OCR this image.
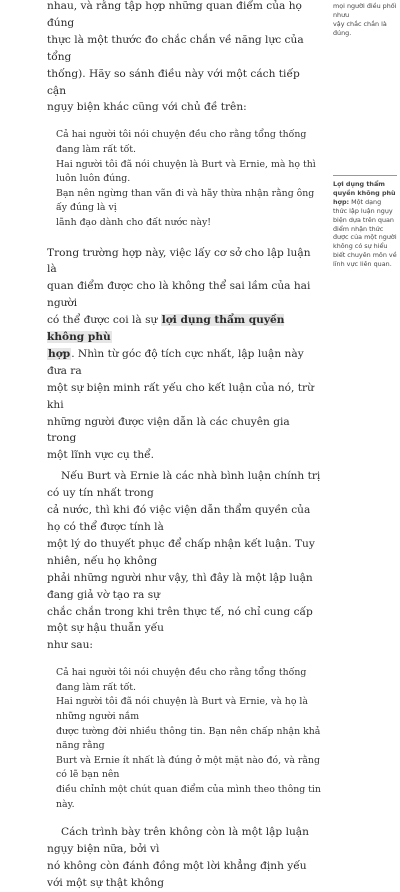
nhau, và rằng tập hợp những quan điểm của họ đúng
thực là một thước đo chắc chắn về năng lực của tổng
thống). Hãy so sánh điều này với một cách tiếp cận
ngụy biện khác cũng với chủ đề trên:

Cả hai người tôi nói chuyện đều cho rằng tổng thống đang làm rất tốt.
Hai người tôi đã nói chuyện là Burt và Ernie, mà họ thì luôn luôn đúng.
Bạn nên ngừng than vãn đi và hãy thừa nhận rằng ông ấy đúng là vị
lãnh đạo dành cho đất nước này!

Trong trường hợp này, việc lấy cơ sở cho lập luận là
quan điểm được cho là không thể sai lầm của hai người
có thể được coi là sự lợi dụng thẩm quyền không phù
hợp. Nhìn từ góc độ tích cực nhất, lập luận này đưa ra
một sự biện minh rất yếu cho kết luận của nó, trừ khi
những người được viện dẫn là các chuyên gia trong
một lĩnh vực cụ thể.

Nếu Burt và Ernie là các nhà bình luận chính trị có uy tín nhất trong
cả nước, thì khi đó việc viện dẫn thẩm quyền của họ có thể được tính là
một lý do thuyết phục để chấp nhận kết luận. Tuy nhiên, nếu họ không
phải những người như vậy, thì đây là một lập luận đang giả vờ tạo ra sự
chắc chắn trong khi trên thực tế, nó chỉ cung cấp một sự hậu thuẫn yếu
như sau:

Cả hai người tôi nói chuyện đều cho rằng tổng thống đang làm rất tốt.
Hai người tôi đã nói chuyện là Burt và Ernie, và họ là những người nắm
được tường đời nhiều thông tin. Bạn nên chấp nhận khả năng rằng
Burt và Ernie ít nhất là đúng ở một mặt nào đó, và rằng có lẽ bạn nên
điều chỉnh một chút quan điểm của mình theo thông tin này.

Cách trình bày trên không còn là một lập luận ngụy biện nữa, bởi vì
nó không còn đánh đồng một lời khẳng định yếu với một sự thật không

mọi người điều phối nhưu
vậy chắc chắn là đúng.
Lợi dụng thẩm quyền không phù hợp: Một dạng thức lập luận ngụy biện dựa trên quan điểm nhận thức được của một người không có sự hiểu biết chuyên môn về lĩnh vực liên quan.
